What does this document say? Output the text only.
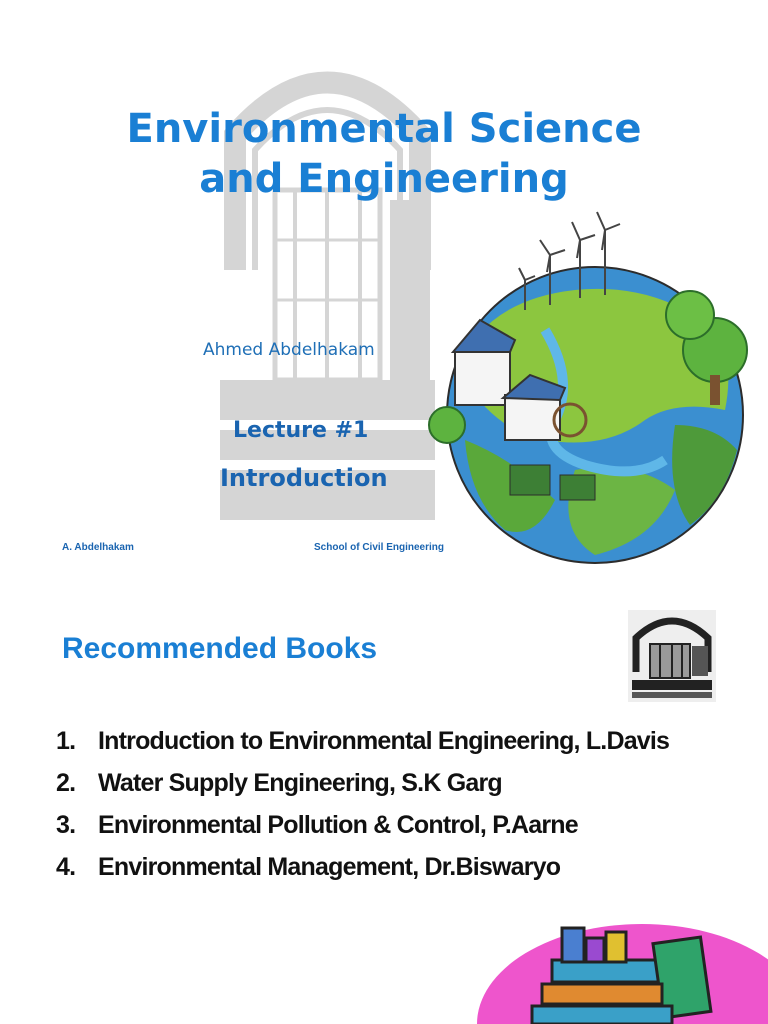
Environmental Science
and Engineering
Ahmed Abdelhakam
Lecture #1
Introduction
A. Abdelhakam	School of Civil Engineering
Recommended Books
1. Introduction to Environmental Engineering, L.Davis
2. Water Supply Engineering, S.K Garg
3. Environmental Pollution & Control, P.Aarne
4. Environmental Management, Dr.Biswaryo
